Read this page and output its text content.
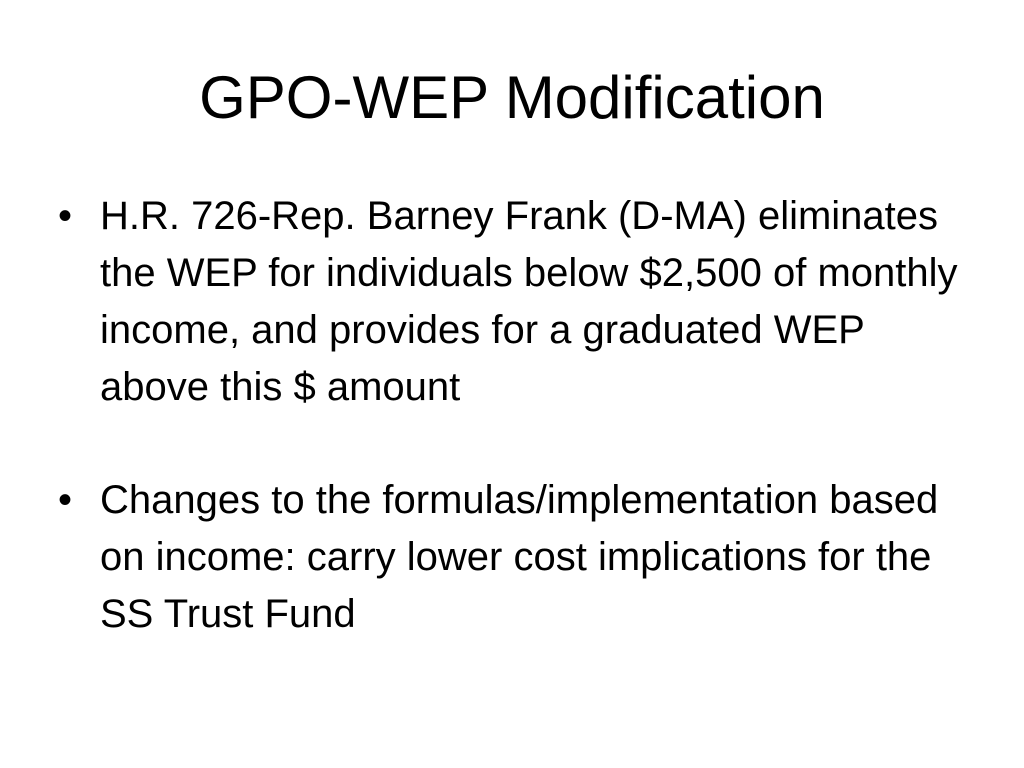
GPO-WEP Modification
• H.R. 726-Rep. Barney Frank (D-MA) eliminates the WEP for individuals below $2,500 of monthly income, and provides for a graduated WEP above this $ amount
• Changes to the formulas/implementation based on income: carry lower cost implications for the SS Trust Fund
